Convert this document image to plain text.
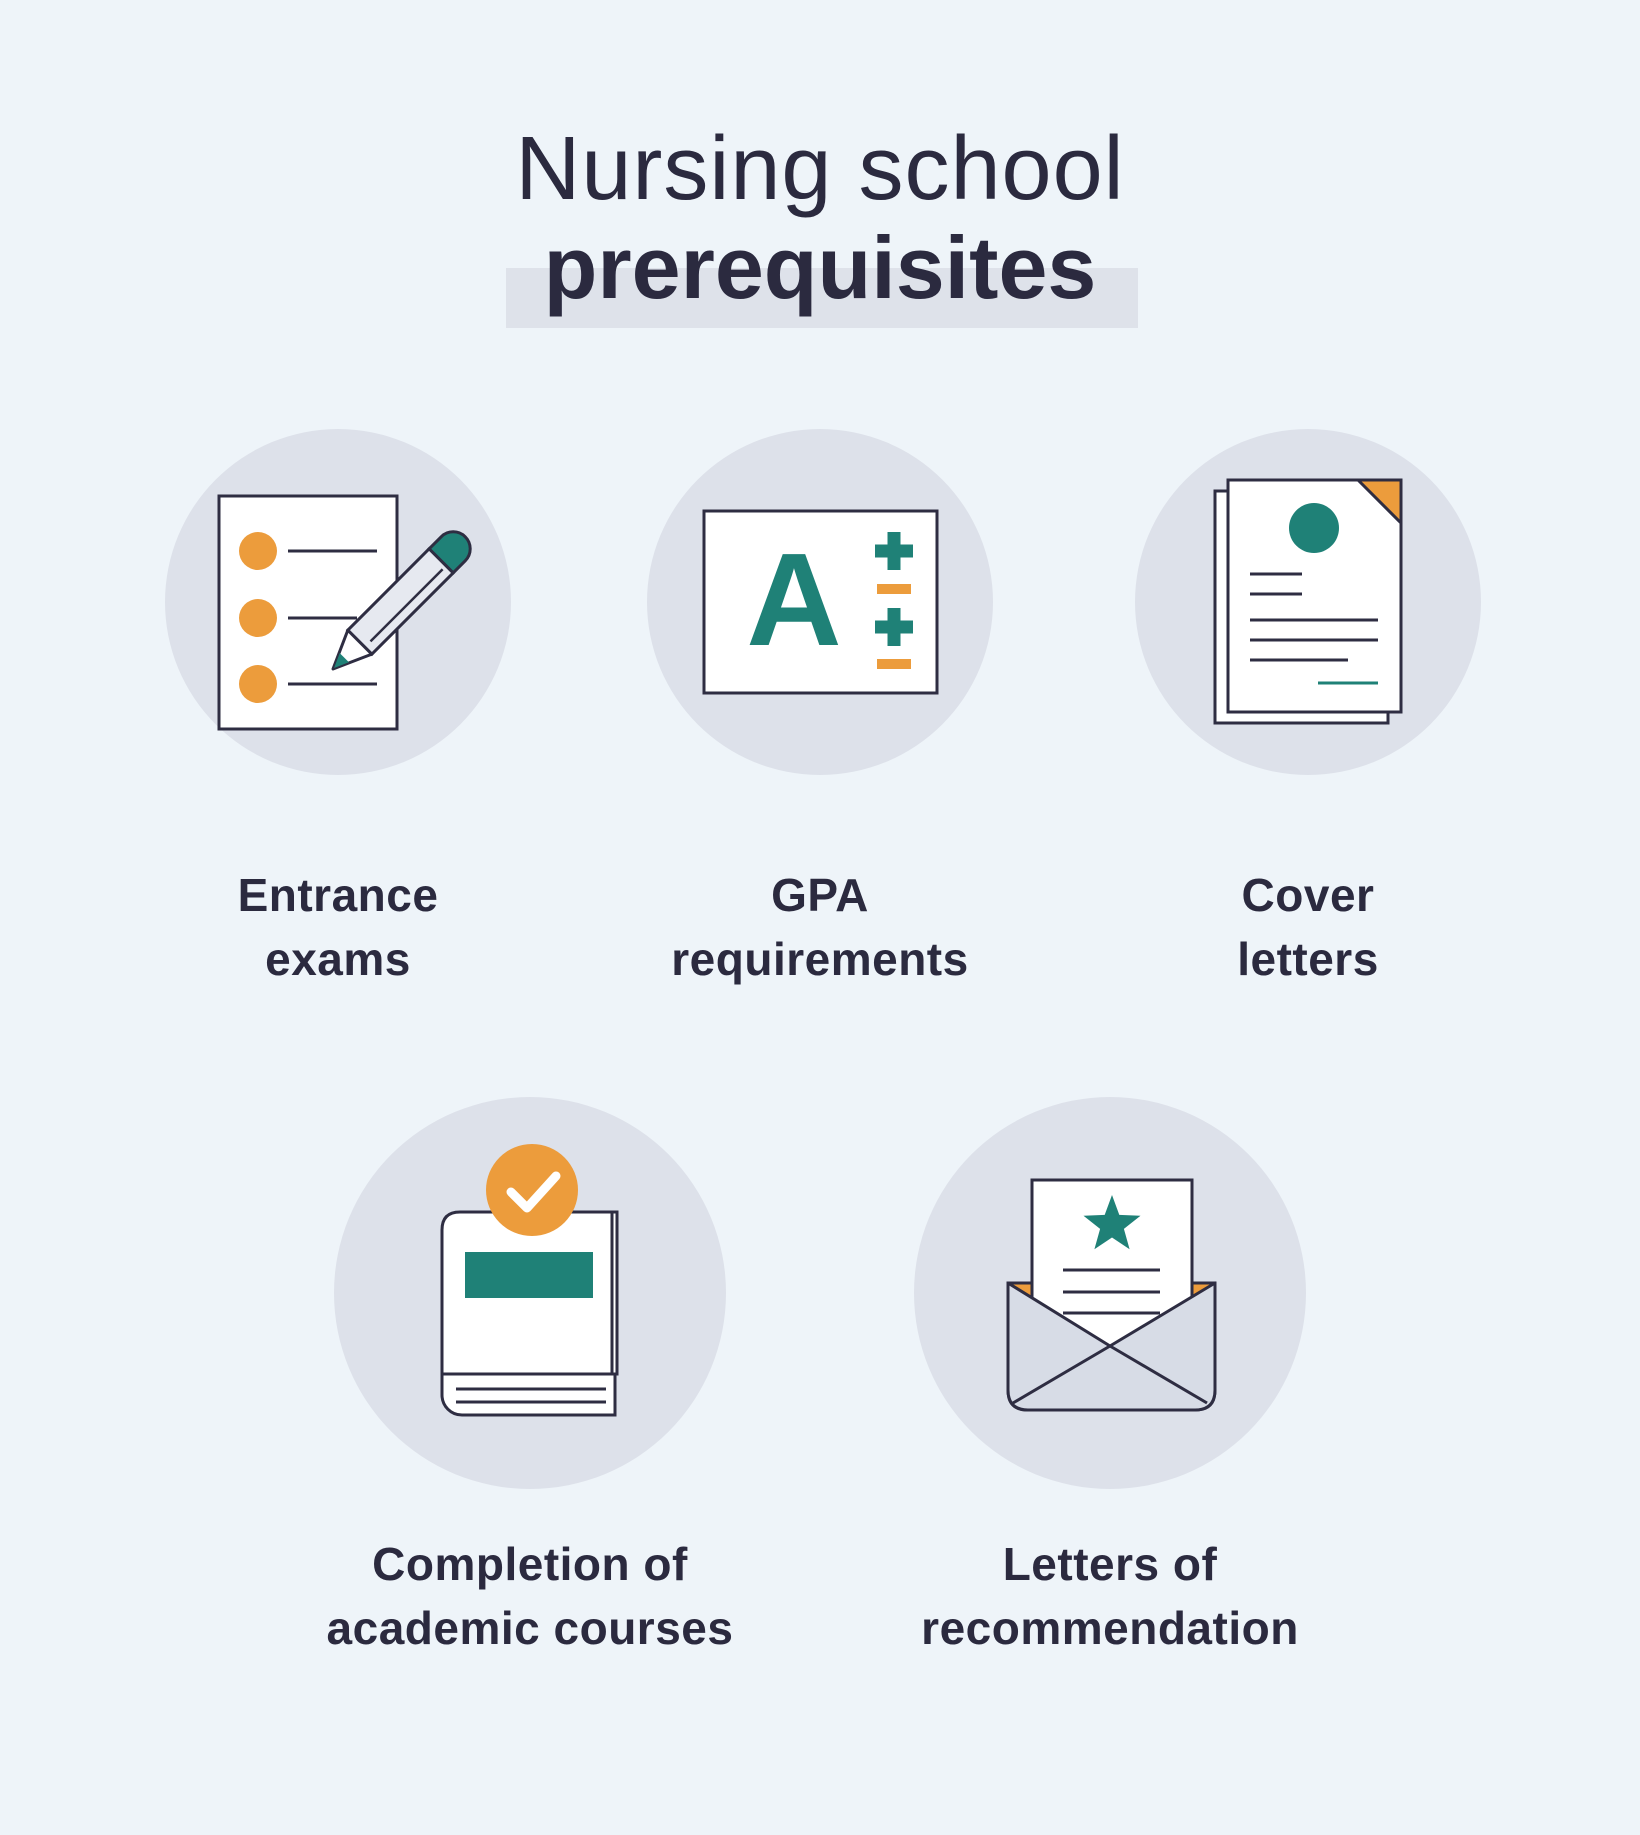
Nursing school
prerequisites
A
Entrance
exams
GPA
requirements
Cover
letters
Completion of
academic courses
Letters of
recommendation
